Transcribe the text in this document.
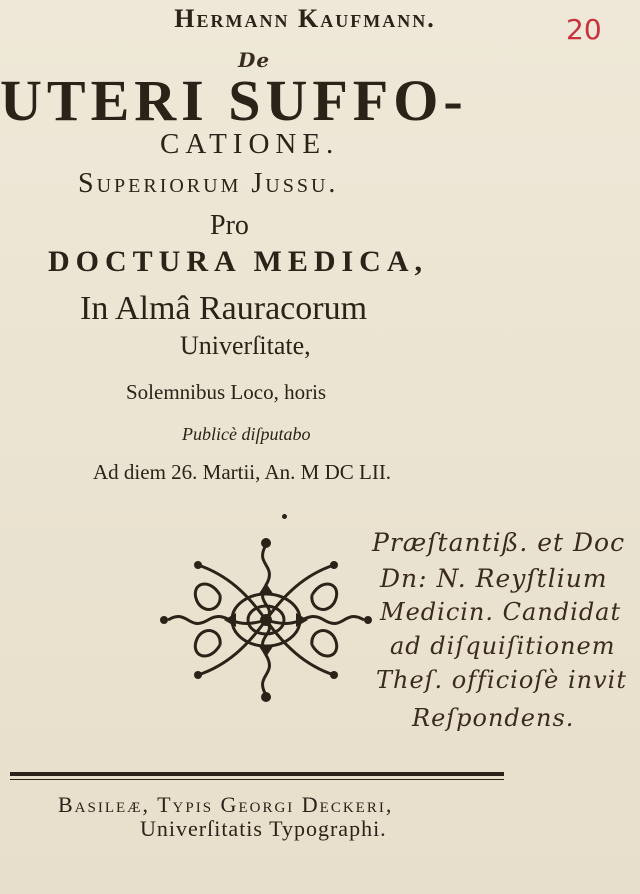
Hermann Kaufmann.	20
De
UTERI SUFFO-
CATIONE.
Superiorum Jussu.
Pro
DOCTURA MEDICA,
In Almâ Rauracorum
Univerſitate,
Solemnibus Loco, horis
Publicè diſputabo
Ad diem 26. Martii, An. M DC LII.
Præſtantiß. et Doc
Dn: N. Reyſtlium
Medicin. Candidat
ad diſquiſitionem
Theſ. officioſè invit
Reſpondens.
Basileæ, Typis Georgi Deckeri,
Univerſitatis Typographi.
